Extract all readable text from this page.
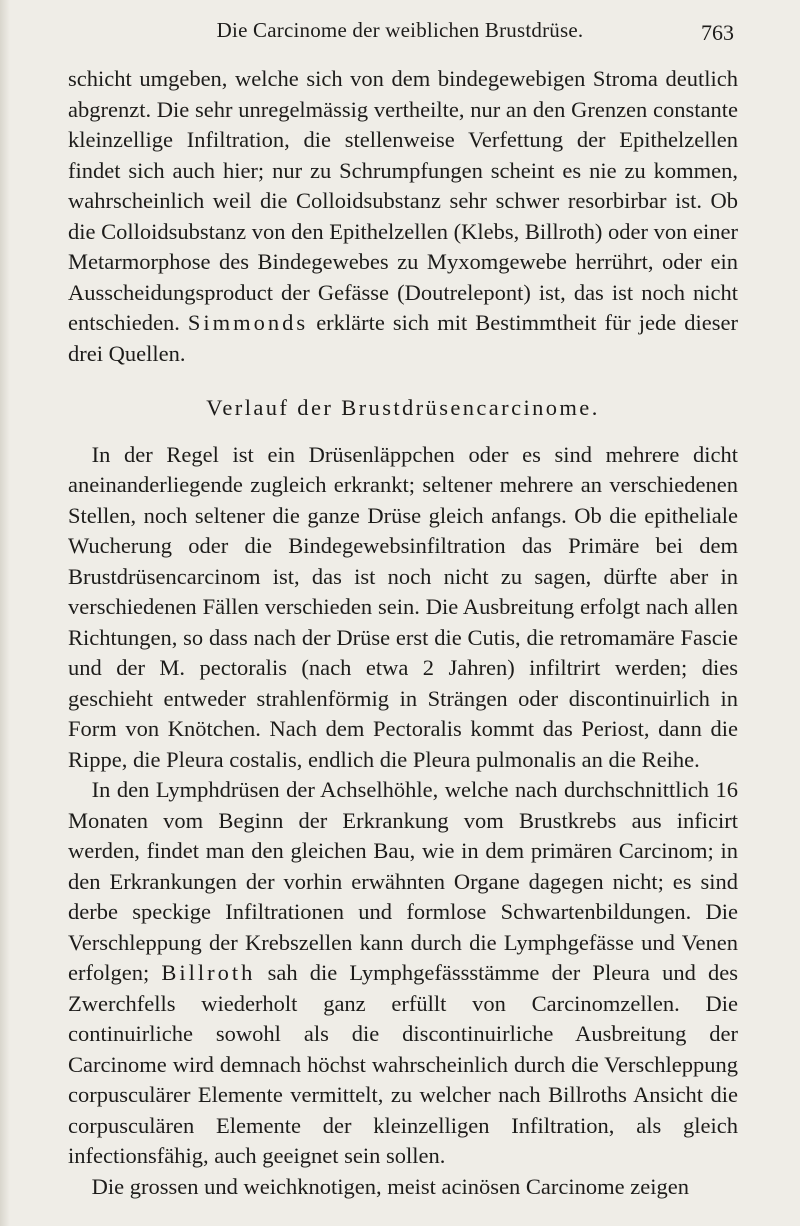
Die Carcinome der weiblichen Brustdrüse.	763

schicht umgeben, welche sich von dem bindegewebigen Stroma deutlich abgrenzt. Die sehr unregelmässig vertheilte, nur an den Grenzen constante kleinzellige Infiltration, die stellenweise Verfettung der Epithelzellen findet sich auch hier; nur zu Schrumpfungen scheint es nie zu kommen, wahrscheinlich weil die Colloidsubstanz sehr schwer resorbirbar ist. Ob die Colloidsubstanz von den Epithelzellen (Klebs, Billroth) oder von einer Metarmorphose des Bindegewebes zu Myxomgewebe herrührt, oder ein Ausscheidungsproduct der Gefässe (Doutrelepont) ist, das ist noch nicht entschieden. Simmonds erklärte sich mit Bestimmtheit für jede dieser drei Quellen.

Verlauf der Brustdrüsencarcinome.

In der Regel ist ein Drüsenläppchen oder es sind mehrere dicht aneinanderliegende zugleich erkrankt; seltener mehrere an verschiedenen Stellen, noch seltener die ganze Drüse gleich anfangs. Ob die epitheliale Wucherung oder die Bindegewebsinfiltration das Primäre bei dem Brustdrüsencarcinom ist, das ist noch nicht zu sagen, dürfte aber in verschiedenen Fällen verschieden sein. Die Ausbreitung erfolgt nach allen Richtungen, so dass nach der Drüse erst die Cutis, die retromamäre Fascie und der M. pectoralis (nach etwa 2 Jahren) infiltrirt werden; dies geschieht entweder strahlenförmig in Strängen oder discontinuirlich in Form von Knötchen. Nach dem Pectoralis kommt das Periost, dann die Rippe, die Pleura costalis, endlich die Pleura pulmonalis an die Reihe.

In den Lymphdrüsen der Achselhöhle, welche nach durchschnittlich 16 Monaten vom Beginn der Erkrankung vom Brustkrebs aus inficirt werden, findet man den gleichen Bau, wie in dem primären Carcinom; in den Erkrankungen der vorhin erwähnten Organe dagegen nicht; es sind derbe speckige Infiltrationen und formlose Schwartenbildungen. Die Verschleppung der Krebszellen kann durch die Lymphgefässe und Venen erfolgen; Billroth sah die Lymphgefässstämme der Pleura und des Zwerchfells wiederholt ganz erfüllt von Carcinomzellen. Die continuirliche sowohl als die discontinuirliche Ausbreitung der Carcinome wird demnach höchst wahrscheinlich durch die Verschleppung corpusculärer Elemente vermittelt, zu welcher nach Billroths Ansicht die corpusculären Elemente der kleinzelligen Infiltration, als gleich infectionsfähig, auch geeignet sein sollen.

Die grossen und weichknotigen, meist acinösen Carcinome zeigen
